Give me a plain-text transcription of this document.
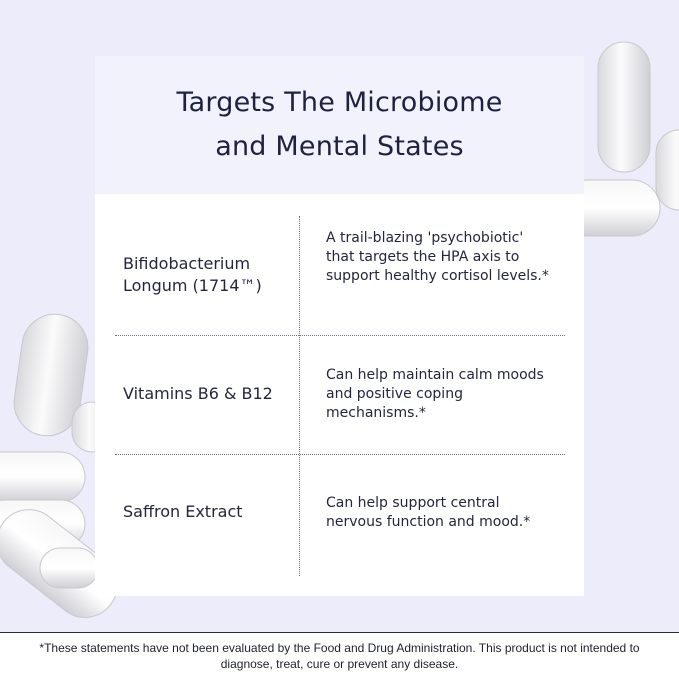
Targets The Microbiome
and Mental States
Bifidobacterium Longum (1714™)
A trail-blazing 'psychobiotic' that targets the HPA axis to support healthy cortisol levels.*
Vitamins B6 & B12
Can help maintain calm moods and positive coping mechanisms.*
Saffron Extract	Can help support central nervous function and mood.*

*These statements have not been evaluated by the Food and Drug Administration. This product is not intended to diagnose, treat, cure or prevent any disease.
